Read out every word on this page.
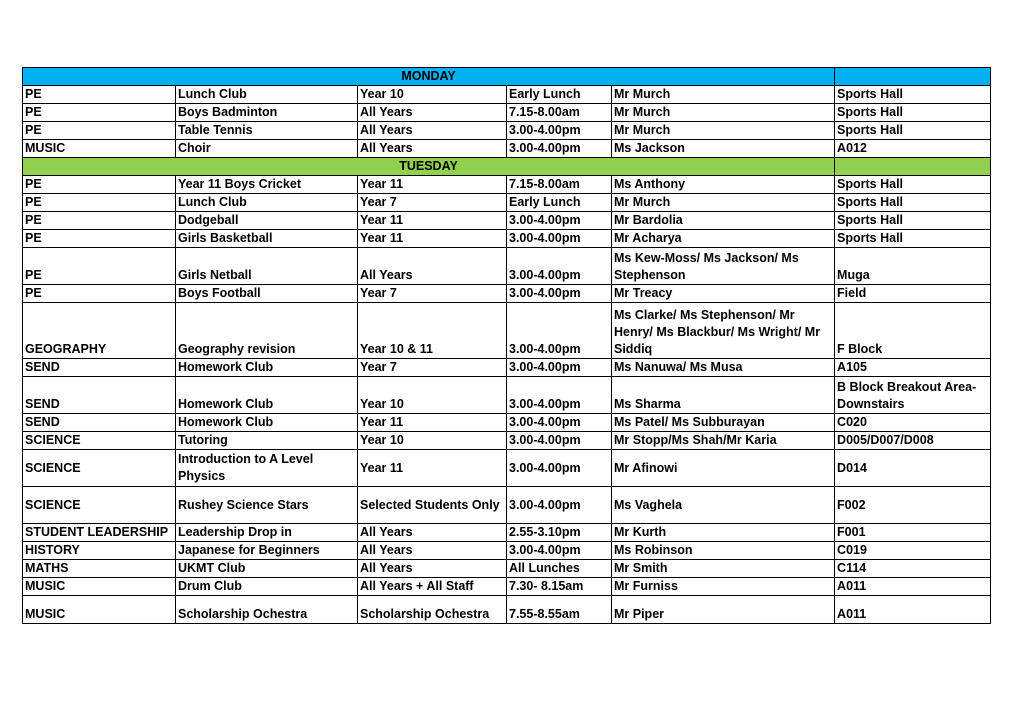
MONDAY					
PE	Lunch Club	Year 10	Early Lunch	Mr Murch	Sports Hall
PE	Boys Badminton	All Years	7.15-8.00am	Mr Murch	Sports Hall
PE	Table Tennis	All Years	3.00-4.00pm	Mr Murch	Sports Hall
MUSIC	Choir	All Years	3.00-4.00pm	Ms Jackson	A012
TUESDAY					
PE	Year 11 Boys Cricket	Year 11	7.15-8.00am	Ms Anthony	Sports Hall
PE	Lunch Club	Year 7	Early Lunch	Mr Murch	Sports Hall
PE	Dodgeball	Year 11	3.00-4.00pm	Mr Bardolia	Sports Hall
PE	Girls Basketball	Year 11	3.00-4.00pm	Mr Acharya	Sports Hall
PE	Girls Netball	All Years	3.00-4.00pm	Ms Kew-Moss/ Ms Jackson/ Ms Stephenson	Muga
PE	Boys Football	Year 7	3.00-4.00pm	Mr Treacy	Field
GEOGRAPHY	Geography revision	Year 10 & 11	3.00-4.00pm	Ms Clarke/ Ms Stephenson/ Mr Henry/ Ms Blackbur/ Ms Wright/ Mr Siddiq	F Block
SEND	Homework Club	Year 7	3.00-4.00pm	Ms Nanuwa/ Ms Musa	A105
SEND	Homework Club	Year 10	3.00-4.00pm	Ms Sharma	B Block Breakout Area- Downstairs
SEND	Homework Club	Year 11	3.00-4.00pm	Ms Patel/ Ms Subburayan	C020
SCIENCE	Tutoring	Year 10	3.00-4.00pm	Mr Stopp/Ms Shah/Mr Karia	D005/D007/D008
SCIENCE	Introduction to A Level Physics	Year 11	3.00-4.00pm	Mr Afinowi	D014
SCIENCE	Rushey Science Stars	Selected Students Only	3.00-4.00pm	Ms Vaghela	F002
STUDENT LEADERSHIP	Leadership Drop in	All Years	2.55-3.10pm	Mr Kurth	F001
HISTORY	Japanese for Beginners	All Years	3.00-4.00pm	Ms Robinson	C019
MATHS	UKMT Club	All Years	All Lunches	Mr Smith	C114
MUSIC	Drum Club	All Years + All Staff	7.30- 8.15am	Mr Furniss	A011
MUSIC	Scholarship Ochestra	Scholarship Ochestra	7.55-8.55am	Mr Piper	A011
